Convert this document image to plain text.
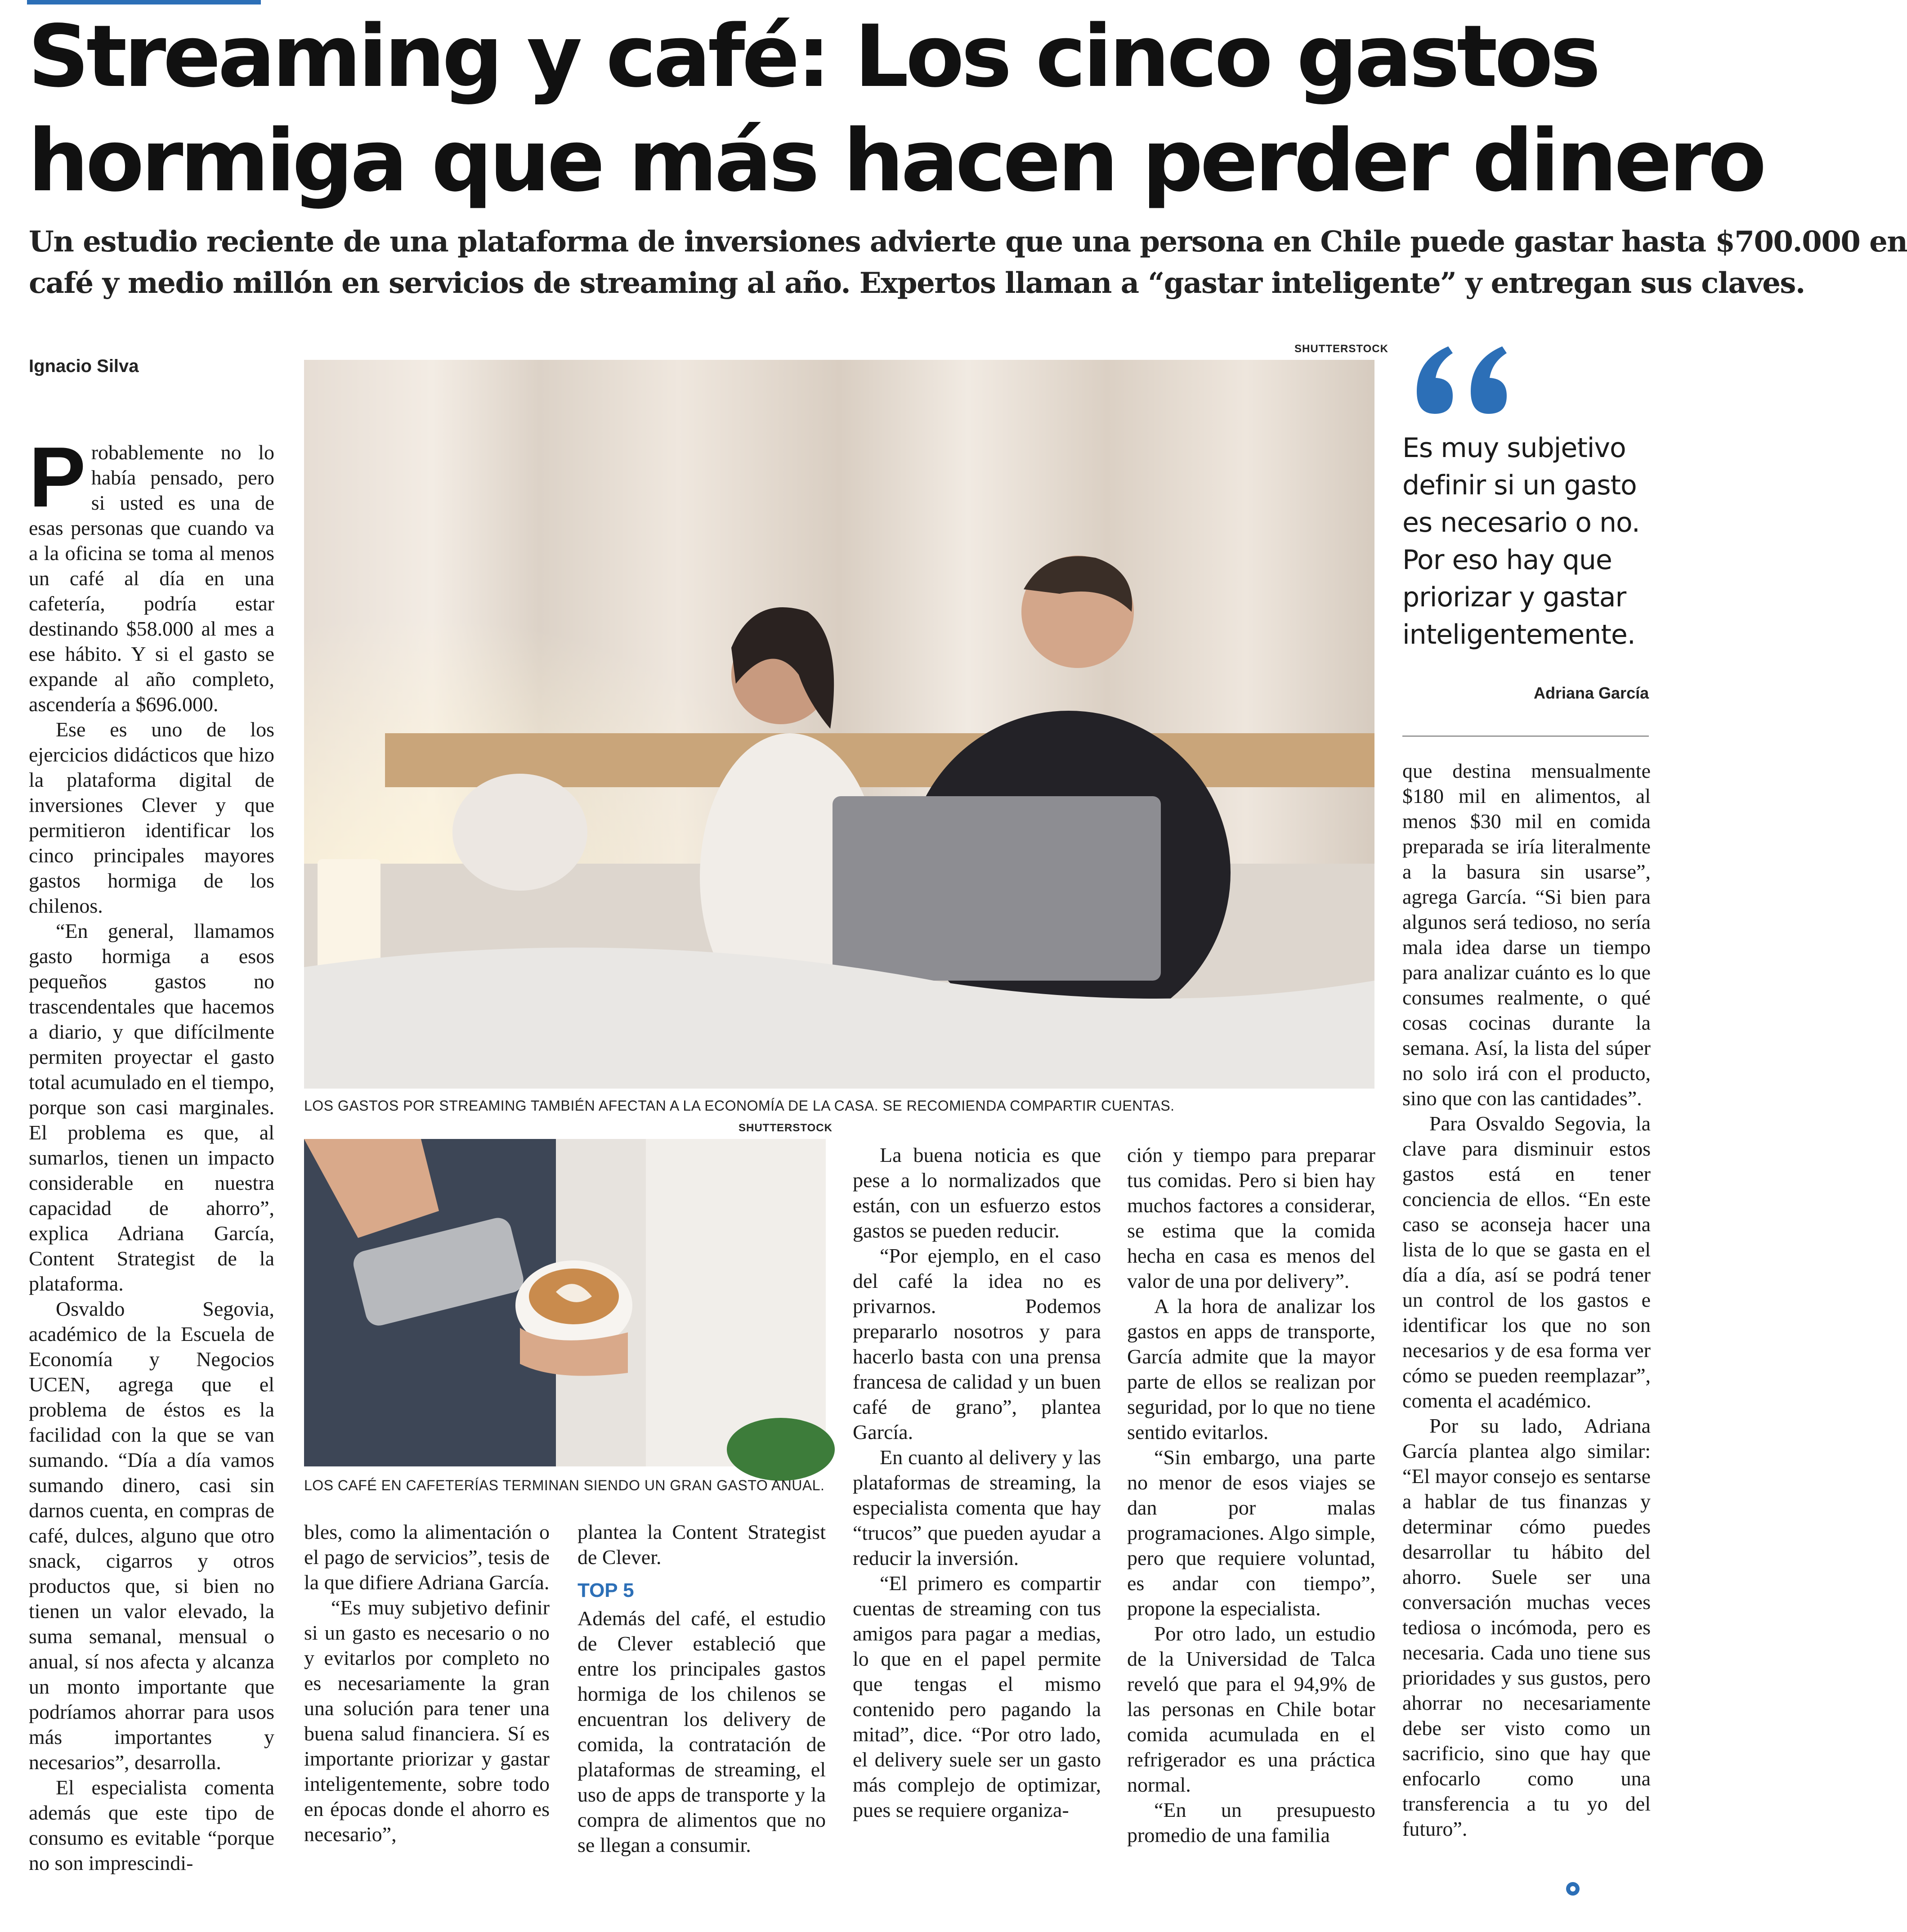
Streaming y café: Los cinco gastos
hormiga que más hacen perder dinero
Un estudio reciente de una plataforma de inversiones advierte que una persona en Chile puede gastar hasta $700.000 en
café y medio millón en servicios de streaming al año. Expertos llaman a “gastar inteligente” y entregan sus claves.
Ignacio Silva
SHUTTERSTOCK
LOS GASTOS POR STREAMING TAMBIÉN AFECTAN A LA ECONOMÍA DE LA CASA. SE RECOMIENDA COMPARTIR CUENTAS.
SHUTTERSTOCK
LOS CAFÉ EN CAFETERÍAS TERMINAN SIENDO UN GRAN GASTO ANUAL.
Es muy subjetivo
definir si un gasto
es necesario o no.
Por eso hay que
priorizar y gastar
inteligentemente.
Adriana García

Probablemente no lo había pensado, pero si usted es una de esas personas que cuando va a la oficina se toma al menos un café al día en una cafetería, podría estar destinando $58.000 al mes a ese hábito. Y si el gasto se expande al año completo, ascendería a $696.000.

Ese es uno de los ejercicios didácticos que hizo la plataforma digital de inversiones Clever y que permitieron identificar los cinco principales mayores gastos hormiga de los chilenos.

“En general, llamamos gasto hormiga a esos pequeños gastos no trascendentales que hacemos a diario, y que difícilmente permiten proyectar el gasto total acumulado en el tiempo, porque son casi marginales. El problema es que, al sumarlos, tienen un impacto considerable en nuestra capacidad de ahorro”, explica Adriana García, Content Strategist de la plataforma.

Osvaldo Segovia, académico de la Escuela de Economía y Negocios UCEN, agrega que el problema de éstos es la facilidad con la que se van sumando. “Día a día vamos sumando dinero, casi sin darnos cuenta, en compras de café, dulces, alguno que otro snack, cigarros y otros productos que, si bien no tienen un valor elevado, la suma semanal, mensual o anual, sí nos afecta y alcanza un monto importante que podríamos ahorrar para usos más importantes y necesarios”, desarrolla.

El especialista comenta además que este tipo de consumo es evitable “porque no son imprescindi-

bles, como la alimentación o el pago de servicios”, tesis de la que difiere Adriana García.

“Es muy subjetivo definir si un gasto es necesario o no y evitarlos por completo no es necesariamente la gran una solución para tener una buena salud financiera. Sí es importante priorizar y gastar inteligentemente, sobre todo en épocas donde el ahorro es necesario”,

plantea la Content Strategist de Clever.

TOP 5

Además del café, el estudio de Clever estableció que entre los principales gastos hormiga de los chilenos se encuentran los delivery de comida, la contratación de plataformas de streaming, el uso de apps de transporte y la compra de alimentos que no se llegan a consumir.

La buena noticia es que pese a lo normalizados que están, con un esfuerzo estos gastos se pueden reducir.

“Por ejemplo, en el caso del café la idea no es privarnos. Podemos prepararlo nosotros y para hacerlo basta con una prensa francesa de calidad y un buen café de grano”, plantea García.

En cuanto al delivery y las plataformas de streaming, la especialista comenta que hay “trucos” que pueden ayudar a reducir la inversión.

“El primero es compartir cuentas de streaming con tus amigos para pagar a medias, lo que en el papel permite que tengas el mismo contenido pero pagando la mitad”, dice. “Por otro lado, el delivery suele ser un gasto más complejo de optimizar, pues se requiere organiza-

ción y tiempo para preparar tus comidas. Pero si bien hay muchos factores a considerar, se estima que la comida hecha en casa es menos del valor de una por delivery”.

A la hora de analizar los gastos en apps de transporte, García admite que la mayor parte de ellos se realizan por seguridad, por lo que no tiene sentido evitarlos.

“Sin embargo, una parte no menor de esos viajes se dan por malas programaciones. Algo simple, pero que requiere voluntad, es andar con tiempo”, propone la especialista.

Por otro lado, un estudio de la Universidad de Talca reveló que para el 94,9% de las personas en Chile botar comida acumulada en el refrigerador es una práctica normal.

“En un presupuesto promedio de una familia

que destina mensualmente $180 mil en alimentos, al menos $30 mil en comida preparada se iría literalmente a la basura sin usarse”, agrega García. “Si bien para algunos será tedioso, no sería mala idea darse un tiempo para analizar cuánto es lo que consumes realmente, o qué cosas cocinas durante la semana. Así, la lista del súper no solo irá con el producto, sino que con las cantidades”.

Para Osvaldo Segovia, la clave para disminuir estos gastos está en tener conciencia de ellos. “En este caso se aconseja hacer una lista de lo que se gasta en el día a día, así se podrá tener un control de los gastos e identificar los que no son necesarios y de esa forma ver cómo se pueden reemplazar”, comenta el académico.

Por su lado, Adriana García plantea algo similar: “El mayor consejo es sentarse a hablar de tus finanzas y determinar cómo puedes desarrollar tu hábito del ahorro. Suele ser una conversación muchas veces tediosa o incómoda, pero es necesaria. Cada uno tiene sus prioridades y sus gustos, pero ahorrar no necesariamente debe ser visto como un sacrificio, sino que hay que enfocarlo como una transferencia a tu yo del futuro”.
